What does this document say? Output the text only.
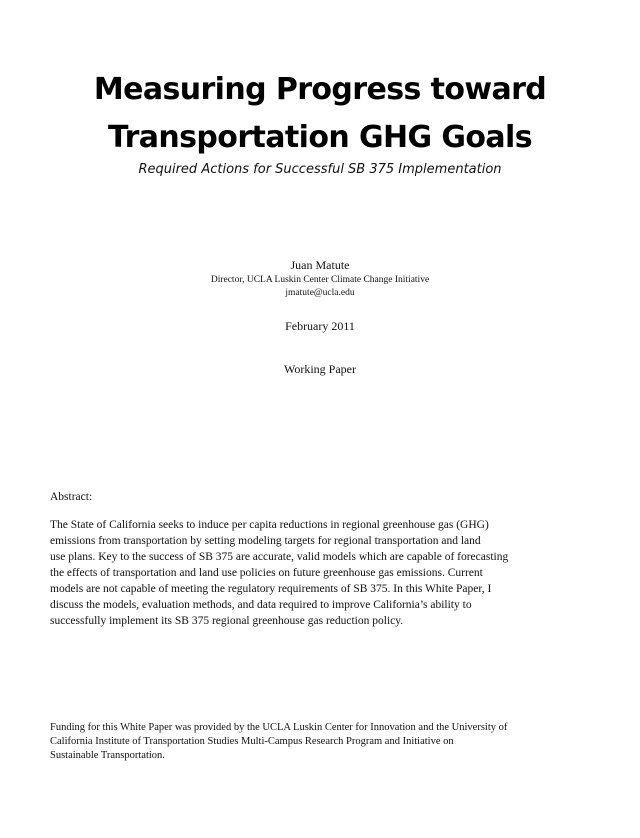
Measuring Progress toward
Transportation GHG Goals
Required Actions for Successful SB 375 Implementation
Juan Matute
Director, UCLA Luskin Center Climate Change Initiative
jmatute@ucla.edu
February 2011
Working Paper
Abstract:
The State of California seeks to induce per capita reductions in regional greenhouse gas (GHG)
emissions from transportation by setting modeling targets for regional transportation and land
use plans. Key to the success of SB 375 are accurate, valid models which are capable of forecasting
the effects of transportation and land use policies on future greenhouse gas emissions. Current
models are not capable of meeting the regulatory requirements of SB 375. In this White Paper, I
discuss the models, evaluation methods, and data required to improve California’s ability to
successfully implement its SB 375 regional greenhouse gas reduction policy.
Funding for this White Paper was provided by the UCLA Luskin Center for Innovation and the University of
California Institute of Transportation Studies Multi-Campus Research Program and Initiative on
Sustainable Transportation.
